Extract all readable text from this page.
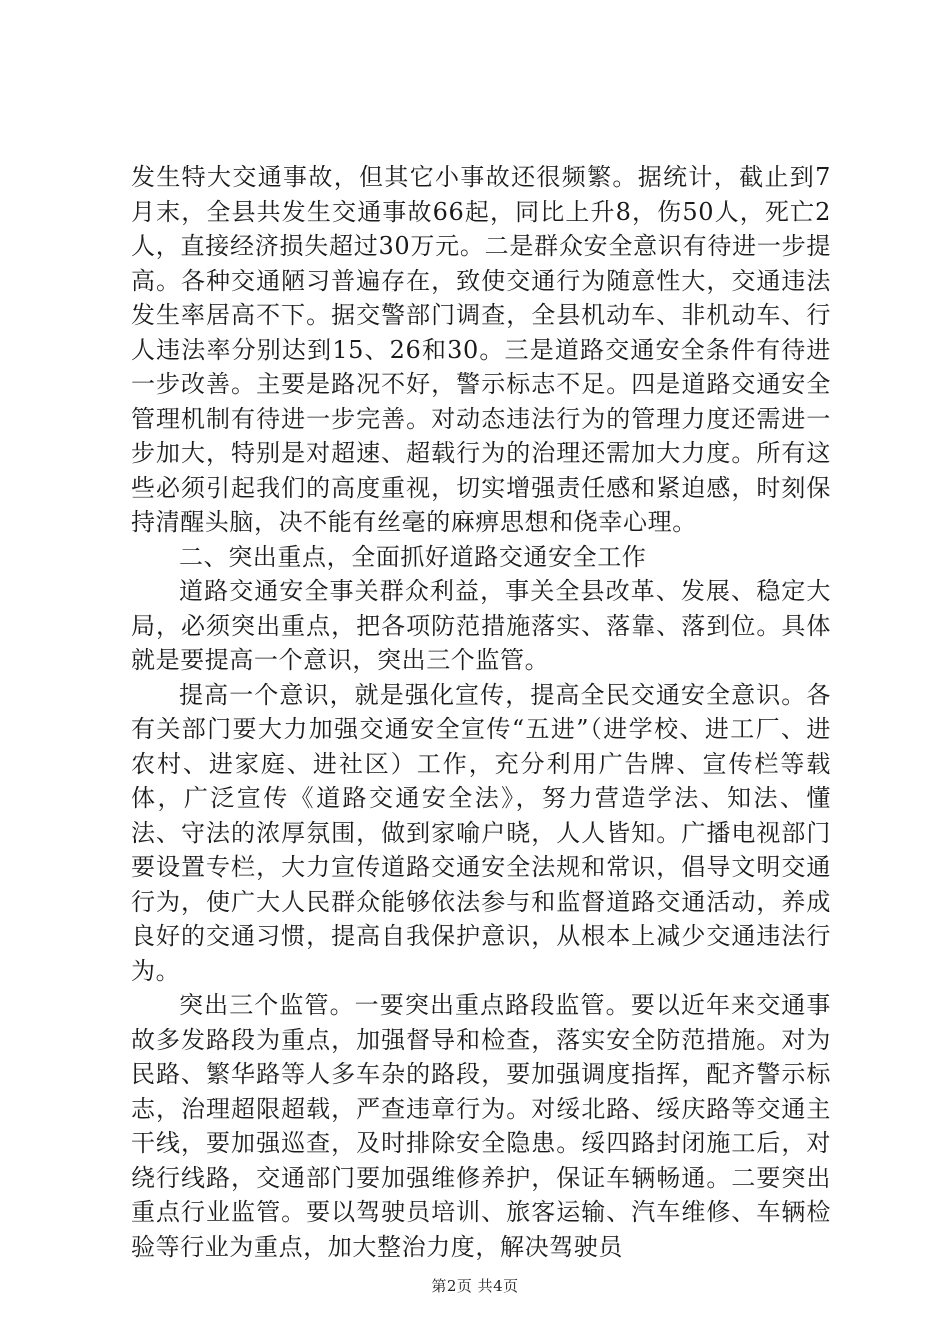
发生特大交通事故，但其它小事故还很频繁。据统计，截止到7月末，全县共发生交通事故66起，同比上升8，伤50人，死亡2人，直接经济损失超过30万元。二是群众安全意识有待进一步提高。各种交通陋习普遍存在，致使交通行为随意性大，交通违法发生率居高不下。据交警部门调查，全县机动车、非机动车、行人违法率分别达到15、26和30。三是道路交通安全条件有待进一步改善。主要是路况不好，警示标志不足。四是道路交通安全管理机制有待进一步完善。对动态违法行为的管理力度还需进一步加大，特别是对超速、超载行为的治理还需加大力度。所有这些必须引起我们的高度重视，切实增强责任感和紧迫感，时刻保持清醒头脑，决不能有丝毫的麻痹思想和侥幸心理。

二、突出重点，全面抓好道路交通安全工作

道路交通安全事关群众利益，事关全县改革、发展、稳定大局，必须突出重点，把各项防范措施落实、落靠、落到位。具体就是要提高一个意识，突出三个监管。

提高一个意识，就是强化宣传，提高全民交通安全意识。各有关部门要大力加强交通安全宣传“五进”（进学校、进工厂、进农村、进家庭、进社区）工作，充分利用广告牌、宣传栏等载体，广泛宣传《道路交通安全法》，努力营造学法、知法、懂法、守法的浓厚氛围，做到家喻户晓，人人皆知。广播电视部门要设置专栏，大力宣传道路交通安全法规和常识，倡导文明交通行为，使广大人民群众能够依法参与和监督道路交通活动，养成良好的交通习惯，提高自我保护意识，从根本上减少交通违法行为。

突出三个监管。一要突出重点路段监管。要以近年来交通事故多发路段为重点，加强督导和检查，落实安全防范措施。对为民路、繁华路等人多车杂的路段，要加强调度指挥，配齐警示标志，治理超限超载，严查违章行为。对绥北路、绥庆路等交通主干线，要加强巡查，及时排除安全隐患。绥四路封闭施工后，对绕行线路，交通部门要加强维修养护，保证车辆畅通。二要突出重点行业监管。要以驾驶员培训、旅客运输、汽车维修、车辆检验等行业为重点，加大整治力度，解决驾驶员

第2页 共4页
